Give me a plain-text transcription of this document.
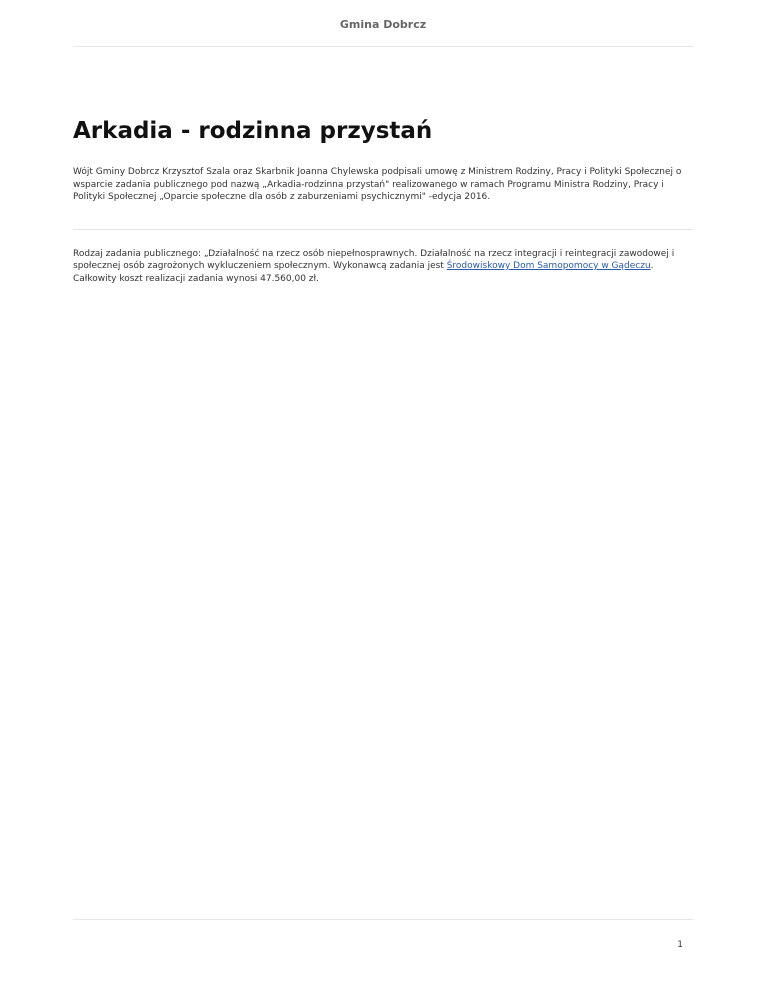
Gmina Dobrcz
Arkadia - rodzinna przystań

Wójt Gminy Dobrcz Krzysztof Szala oraz Skarbnik Joanna Chylewska podpisali umowę z Ministrem Rodziny, Pracy i Polityki Społecznej o wsparcie zadania publicznego pod nazwą „Arkadia-rodzinna przystań" realizowanego w ramach Programu Ministra Rodziny, Pracy i Polityki Społecznej „Oparcie społeczne dla osób z zaburzeniami psychicznymi" -edycja 2016.

Rodzaj zadania publicznego: „Działalność na rzecz osób niepełnosprawnych. Działalność na rzecz integracji i reintegracji zawodowej i społecznej osób zagrożonych wykluczeniem społecznym. Wykonawcą zadania jest Środowiskowy Dom Samopomocy w Gądeczu. Całkowity koszt realizacji zadania wynosi 47.560,00 zł.

1
